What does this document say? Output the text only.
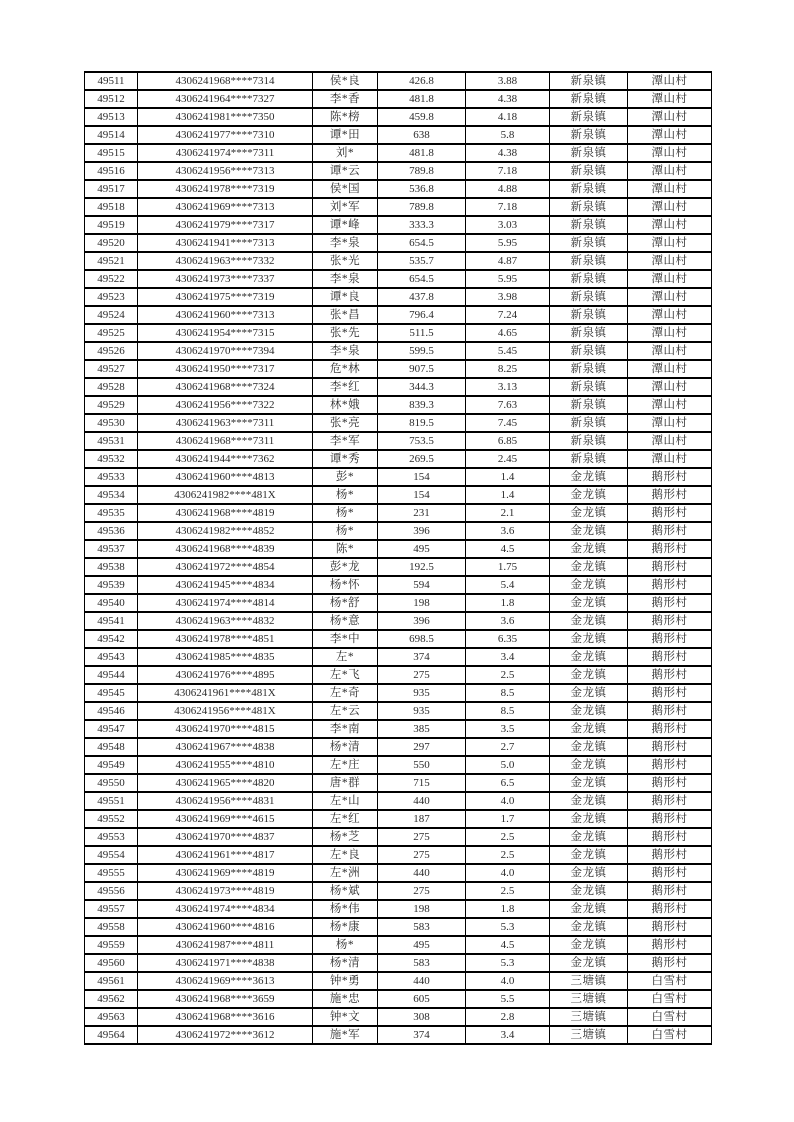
49511	4306241968****7314	侯*良	426.8	3.88	新泉镇	潭山村
49512	4306241964****7327	李*香	481.8	4.38	新泉镇	潭山村
49513	4306241981****7350	陈*榜	459.8	4.18	新泉镇	潭山村
49514	4306241977****7310	谭*田	638	5.8	新泉镇	潭山村
49515	4306241974****7311	刘*	481.8	4.38	新泉镇	潭山村
49516	4306241956****7313	谭*云	789.8	7.18	新泉镇	潭山村
49517	4306241978****7319	侯*国	536.8	4.88	新泉镇	潭山村
49518	4306241969****7313	刘*军	789.8	7.18	新泉镇	潭山村
49519	4306241979****7317	谭*峰	333.3	3.03	新泉镇	潭山村
49520	4306241941****7313	李*泉	654.5	5.95	新泉镇	潭山村
49521	4306241963****7332	张*光	535.7	4.87	新泉镇	潭山村
49522	4306241973****7337	李*泉	654.5	5.95	新泉镇	潭山村
49523	4306241975****7319	谭*良	437.8	3.98	新泉镇	潭山村
49524	4306241960****7313	张*昌	796.4	7.24	新泉镇	潭山村
49525	4306241954****7315	张*先	511.5	4.65	新泉镇	潭山村
49526	4306241970****7394	李*泉	599.5	5.45	新泉镇	潭山村
49527	4306241950****7317	危*林	907.5	8.25	新泉镇	潭山村
49528	4306241968****7324	李*红	344.3	3.13	新泉镇	潭山村
49529	4306241956****7322	林*娥	839.3	7.63	新泉镇	潭山村
49530	4306241963****7311	张*亮	819.5	7.45	新泉镇	潭山村
49531	4306241968****7311	李*军	753.5	6.85	新泉镇	潭山村
49532	4306241944****7362	谭*秀	269.5	2.45	新泉镇	潭山村
49533	4306241960****4813	彭*	154	1.4	金龙镇	鹅形村
49534	4306241982****481X	杨*	154	1.4	金龙镇	鹅形村
49535	4306241968****4819	杨*	231	2.1	金龙镇	鹅形村
49536	4306241982****4852	杨*	396	3.6	金龙镇	鹅形村
49537	4306241968****4839	陈*	495	4.5	金龙镇	鹅形村
49538	4306241972****4854	彭*龙	192.5	1.75	金龙镇	鹅形村
49539	4306241945****4834	杨*怀	594	5.4	金龙镇	鹅形村
49540	4306241974****4814	杨*舒	198	1.8	金龙镇	鹅形村
49541	4306241963****4832	杨*意	396	3.6	金龙镇	鹅形村
49542	4306241978****4851	李*中	698.5	6.35	金龙镇	鹅形村
49543	4306241985****4835	左*	374	3.4	金龙镇	鹅形村
49544	4306241976****4895	左*飞	275	2.5	金龙镇	鹅形村
49545	4306241961****481X	左*奇	935	8.5	金龙镇	鹅形村
49546	4306241956****481X	左*云	935	8.5	金龙镇	鹅形村
49547	4306241970****4815	李*南	385	3.5	金龙镇	鹅形村
49548	4306241967****4838	杨*清	297	2.7	金龙镇	鹅形村
49549	4306241955****4810	左*庄	550	5.0	金龙镇	鹅形村
49550	4306241965****4820	唐*群	715	6.5	金龙镇	鹅形村
49551	4306241956****4831	左*山	440	4.0	金龙镇	鹅形村
49552	4306241969****4615	左*红	187	1.7	金龙镇	鹅形村
49553	4306241970****4837	杨*芝	275	2.5	金龙镇	鹅形村
49554	4306241961****4817	左*良	275	2.5	金龙镇	鹅形村
49555	4306241969****4819	左*洲	440	4.0	金龙镇	鹅形村
49556	4306241973****4819	杨*斌	275	2.5	金龙镇	鹅形村
49557	4306241974****4834	杨*伟	198	1.8	金龙镇	鹅形村
49558	4306241960****4816	杨*康	583	5.3	金龙镇	鹅形村
49559	4306241987****4811	杨*	495	4.5	金龙镇	鹅形村
49560	4306241971****4838	杨*清	583	5.3	金龙镇	鹅形村
49561	4306241969****3613	钟*勇	440	4.0	三塘镇	白雪村
49562	4306241968****3659	施*忠	605	5.5	三塘镇	白雪村
49563	4306241968****3616	钟*文	308	2.8	三塘镇	白雪村
49564	4306241972****3612	施*军	374	3.4	三塘镇	白雪村
